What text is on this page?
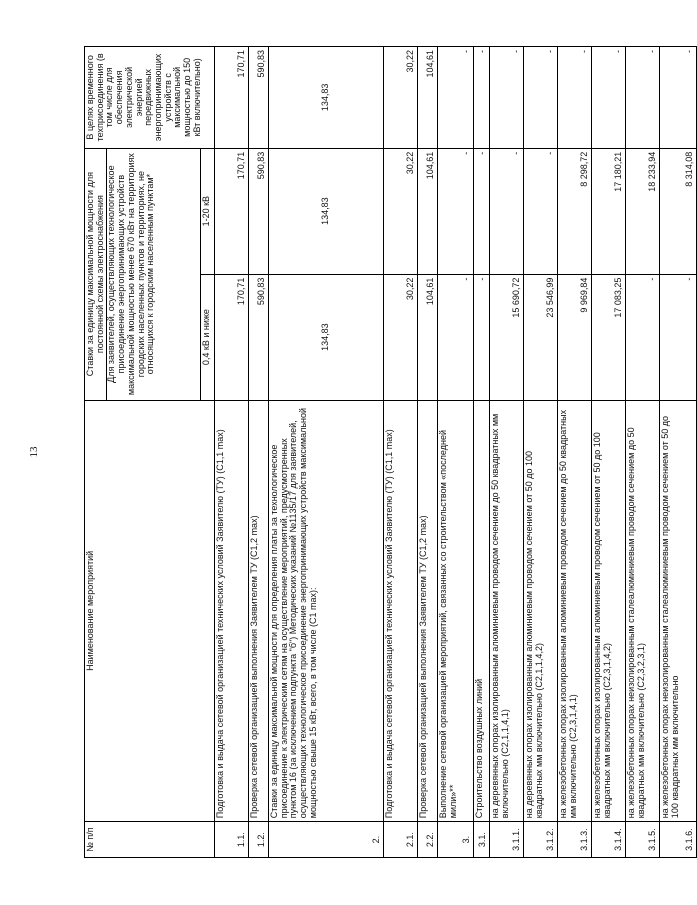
13
№ п/п	Наименование мероприятий	Ставки за единицу максимальной мощности для постоянной схемы электроснабжения Для заявителей, осуществляющих технологическое присоединение энергопринимающих устройств максимальной мощностью менее 670 кВт на территориях городских населенных пунктов и территориях, не относящихся к городским населенным пунктам*		В целях временного техприсоединения (в том числе для обеспечения электрической энергией передвижных энергопринимающих устройств с максимальной мощностью до 150 кВт включительно)
		0,4 кВ и ниже	1-20 кВ	
1.1.	Подготовка и выдача сетевой организацией технических условий Заявителю (ТУ) (C1,1 max)	170,71	170,71	170,71
1.2.	Проверка сетевой организацией выполнения Заявителем ТУ (C1,2 max)	590,83	590,83	590,83
2.	Ставки за единицу максимальной мощности для определения платы за технологическое присоединение к электрическим сетям на осуществление мероприятий, предусмотренных пунктом 16 (за исключением подпункта "б") Методических указаний №1135/17 для заявителей, осуществляющих технологическое присоединение энергопринимающих устройств максимальной мощностью свыше 15 кВт, всего, в том числе (C1 max):	134,83	134,83	134,83
2.1.	Подготовка и выдача сетевой организацией технических условий Заявителю (ТУ) (C1,1 max)	30,22	30,22	30,22
2.2.	Проверка сетевой организацией выполнения Заявителем ТУ (C1,2 max)	104,61	104,61	104,61
3.	Выполнение сетевой организацией мероприятий, связанных со строительством «последней мили»**	-	-	-
3.1.	Строительство воздушных линий	-	-	-
3.1.1.	на деревянных опорах изолированным алюминиевым проводом сечением до 50 квадратных мм включительно (C2,1,1,4,1)	15 690,72	-	-
3.1.2.	на деревянных опорах изолированным алюминиевым проводом сечением от 50 до 100 квадратных мм включительно (C2,1,1,4,2)	23 546,99	-	-
3.1.3.	на железобетонных опорах изолированным алюминиевым проводом сечением до 50 квадратных мм включительно (C2,3,1,4,1)	9 969,84	8 298,72	-
3.1.4.	на железобетонных опорах изолированным алюминиевым проводом сечением от 50 до 100 квадратных мм включительно (C2,3,1,4,2)	17 083,25	17 180,21	-
3.1.5.	на железобетонных опорах неизолированным сталеалюминиевым проводом сечением до 50 квадратных мм включительно (C2,3,2,3,1)	-	18 233,94	-
3.1.6.	на железобетонных опорах неизолированным сталеалюминиевым проводом сечением от 50 до 100 квадратных мм включительно	-	8 314,08	-
